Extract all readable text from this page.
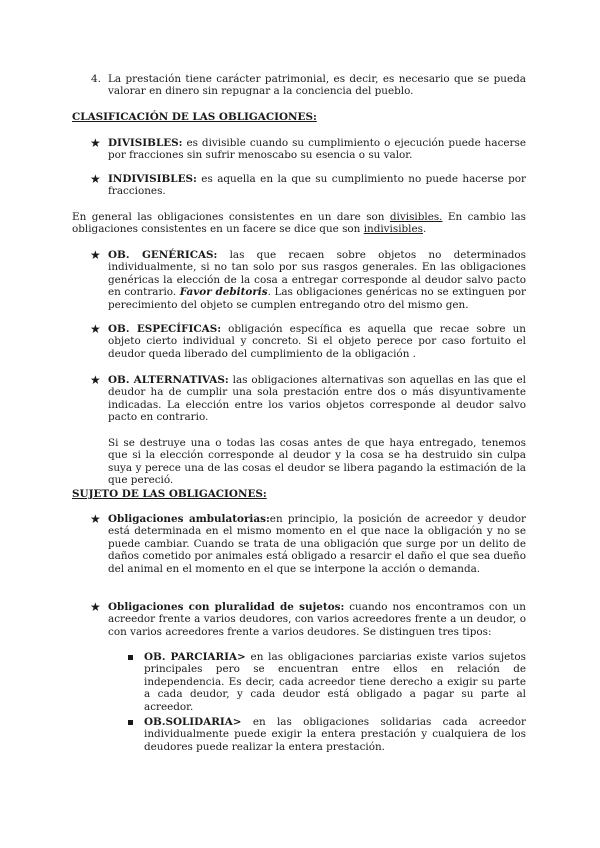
4. La prestación tiene carácter patrimonial, es decir, es necesario que se pueda valorar en dinero sin repugnar a la conciencia del pueblo.

CLASIFICACIÓN DE LAS OBLIGACIONES:
★ DIVISIBLES: es divisible cuando su cumplimiento o ejecución puede hacerse por fracciones sin sufrir menoscabo su esencia o su valor.

★ INDIVISIBLES: es aquella en la que su cumplimiento no puede hacerse por fracciones.

En general las obligaciones consistentes en un dare son divisibles. En cambio las obligaciones consistentes en un facere se dice que son indivisibles.

★ OB. GENÉRICAS: las que recaen sobre objetos no determinados individualmente, si no tan solo por sus rasgos generales. En las obligaciones genéricas la elección de la cosa a entregar corresponde al deudor salvo pacto en contrario. Favor debitoris. Las obligaciones genéricas no se extinguen por perecimiento del objeto se cumplen entregando otro del mismo gen.

★ OB. ESPECÍFICAS: obligación específica es aquella que recae sobre un objeto cierto individual y concreto. Si el objeto perece por caso fortuito el deudor queda liberado del cumplimiento de la obligación .

★ OB. ALTERNATIVAS: las obligaciones alternativas son aquellas en las que el deudor ha de cumplir una sola prestación entre dos o más disyuntivamente indicadas. La elección entre los varios objetos corresponde al deudor salvo pacto en contrario.

Si se destruye una o todas las cosas antes de que haya entregado, tenemos que si la elección corresponde al deudor y la cosa se ha destruido sin culpa suya y perece una de las cosas el deudor se libera pagando la estimación de la que pereció.

SUJETO DE LAS OBLIGACIONES:
★ Obligaciones ambulatorias:en principio, la posición de acreedor y deudor está determinada en el mismo momento en el que nace la obligación y no se puede cambiar. Cuando se trata de una obligación que surge por un delito de daños cometido por animales está obligado a resarcir el daño el que sea dueño del animal en el momento en el que se interpone la acción o demanda.

★ Obligaciones con pluralidad de sujetos: cuando nos encontramos con un acreedor frente a varios deudores, con varios acreedores frente a un deudor, o con varios acreedores frente a varios deudores. Se distinguen tres tipos:

OB. PARCIARIA> en las obligaciones parciarias existe varios sujetos principales pero se encuentran entre ellos en relación de independencia. Es decir, cada acreedor tiene derecho a exigir su parte a cada deudor, y cada deudor está obligado a pagar su parte al acreedor.

OB.SOLIDARIA> en las obligaciones solidarias cada acreedor individualmente puede exigir la entera prestación y cualquiera de los deudores puede realizar la entera prestación.
